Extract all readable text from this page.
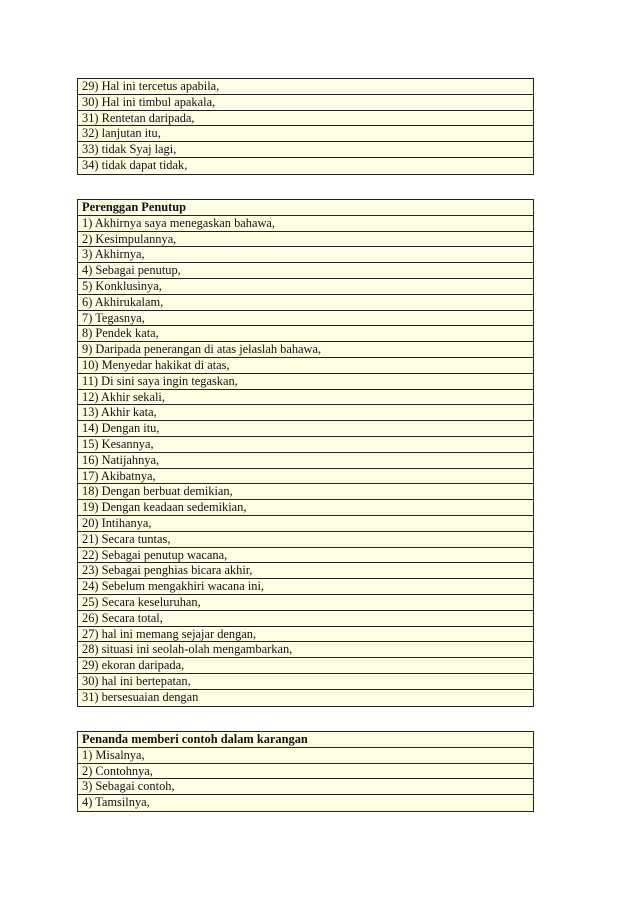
29) Hal ini tercetus apabila,
30) Hal ini timbul apakala,
31) Rentetan daripada,
32) lanjutan itu,
33) tidak Syaj lagi,
34) tidak dapat tidak,
Perenggan Penutup
1) Akhirnya saya menegaskan bahawa,
2) Kesimpulannya,
3) Akhirnya,
4) Sebagai penutup,
5) Konklusinya,
6) Akhirukalam,
7) Tegasnya,
8) Pendek kata,
9) Daripada penerangan di atas jelaslah bahawa,
10) Menyedar hakikat di atas,
11) Di sini saya ingin tegaskan,
12) Akhir sekali,
13) Akhir kata,
14) Dengan itu,
15) Kesannya,
16) Natijahnya,
17) Akibatnya,
18) Dengan berbuat demikian,
19) Dengan keadaan sedemikian,
20) Intihanya,
21) Secara tuntas,
22) Sebagai penutup wacana,
23) Sebagai penghias bicara akhir,
24) Sebelum mengakhiri wacana ini,
25) Secara keseluruhan,
26) Secara total,
27) hal ini memang sejajar dengan,
28) situasi ini seolah-olah mengambarkan,
29) ekoran daripada,
30) hal ini bertepatan,
31) bersesuaian dengan
Penanda memberi contoh dalam karangan
1) Misalnya,
2) Contohnya,
3) Sebagai contoh,
4) Tamsilnya,
